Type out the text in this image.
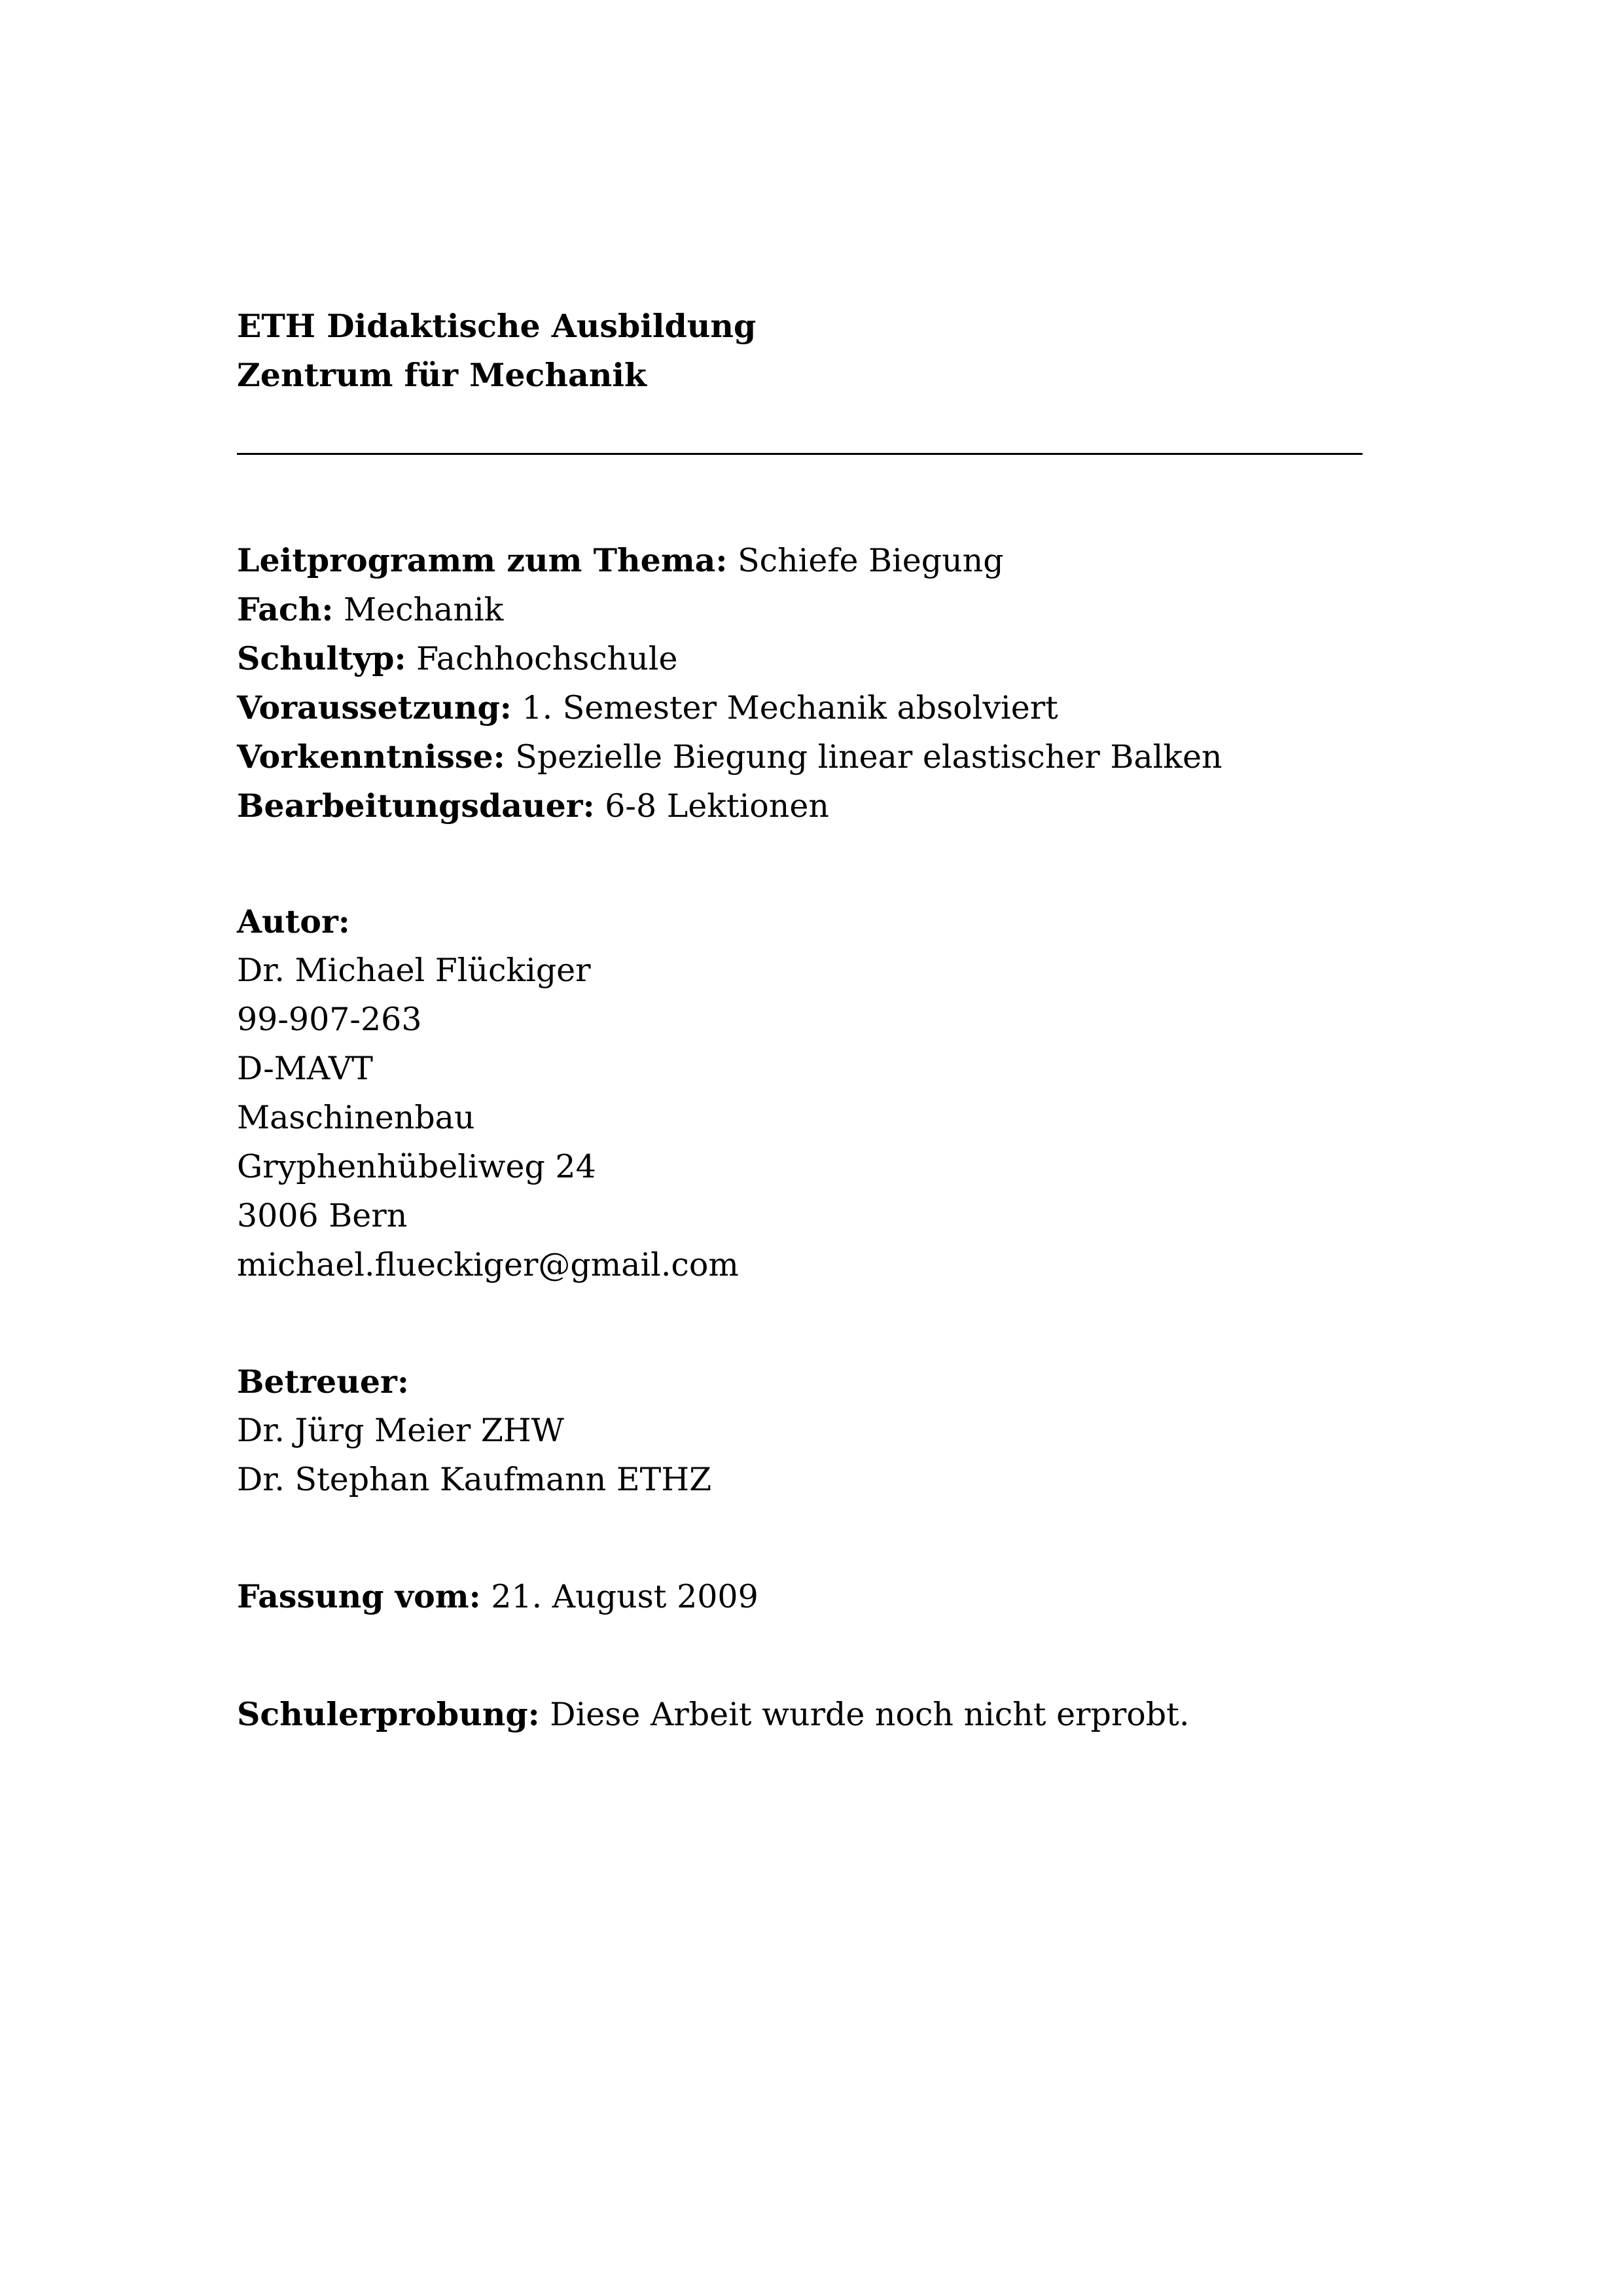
ETH Didaktische Ausbildung
Zentrum für Mechanik
Leitprogramm zum Thema: Schiefe Biegung
Fach: Mechanik
Schultyp: Fachhochschule
Voraussetzung: 1. Semester Mechanik absolviert
Vorkenntnisse: Spezielle Biegung linear elastischer Balken
Bearbeitungsdauer: 6-8 Lektionen
Autor:
Dr. Michael Flückiger
99-907-263
D-MAVT
Maschinenbau
Gryphenhübeliweg 24
3006 Bern
michael.flueckiger@gmail.com
Betreuer:
Dr. Jürg Meier ZHW
Dr. Stephan Kaufmann ETHZ
Fassung vom: 21. August 2009
Schulerprobung: Diese Arbeit wurde noch nicht erprobt.
